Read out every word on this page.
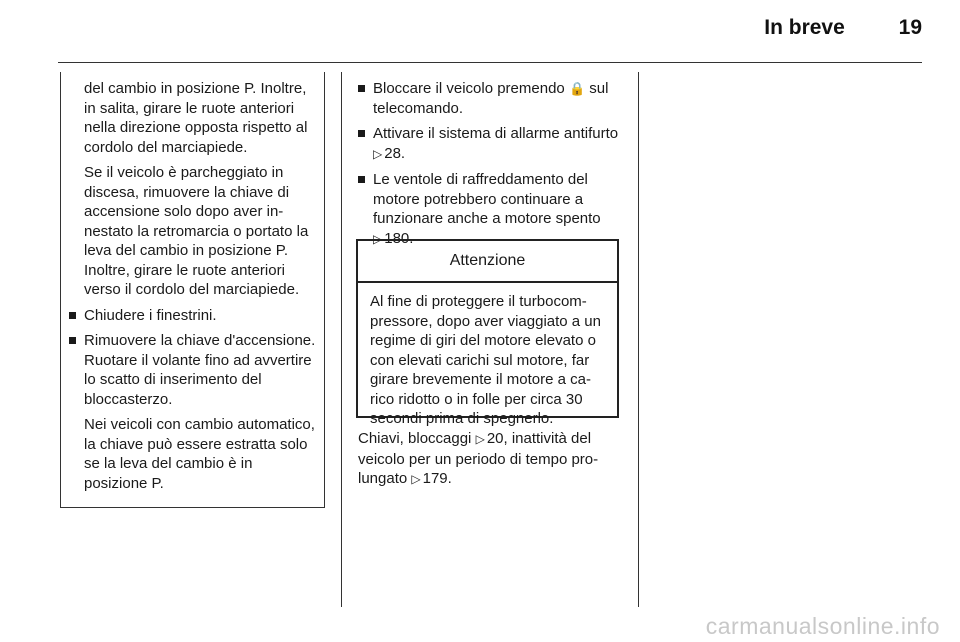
In breve	19

del cambio in posizione P. Inoltre, in salita, girare le ruote anteriori nella direzione opposta rispetto al cordolo del marciapiede.

Se il veicolo è parcheggiato in discesa, rimuovere la chiave di accensione solo dopo aver innestato la retromarcia o portato la leva del cambio in posizione P. Inoltre, girare le ruote anteriori verso il cordolo del marciapiede.

Chiudere i finestrini.
Rimuovere la chiave d'accensione. Ruotare il volante fino ad avvertire lo scatto di inserimento del bloccasterzo.

Nei veicoli con cambio automatico, la chiave può essere estratta solo se la leva del cambio è in posizione P.

Bloccare il veicolo premendo 🔒 sul telecomando.
Attivare il sistema di allarme antifurto ▷ 28.
Le ventole di raffreddamento del motore potrebbero continuare a funzionare anche a motore spento ▷ 180.
Attenzione
Al fine di proteggere il turbocompressore, dopo aver viaggiato a un regime di giri del motore elevato o con elevati carichi sul motore, far girare brevemente il motore a carico ridotto o in folle per circa 30 secondi prima di spegnerlo.
Chiavi, bloccaggi ▷ 20, inattività del veicolo per un periodo di tempo prolungato ▷ 179.
carmanualsonline.info
